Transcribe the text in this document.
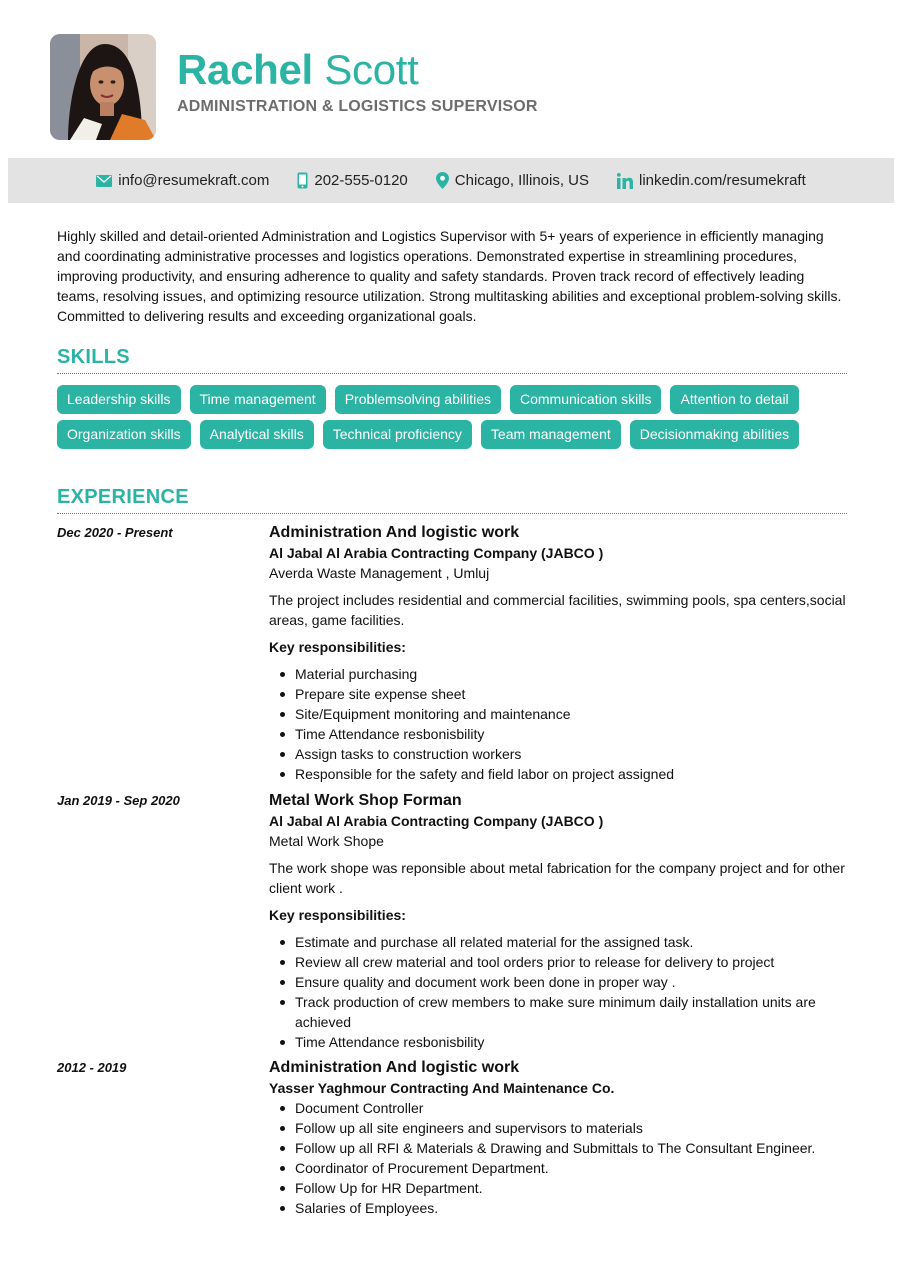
Rachel Scott
ADMINISTRATION & LOGISTICS SUPERVISOR
info@resumekraft.com	202-555-0120	Chicago, Illinois, US	linkedin.com/resumekraft

Highly skilled and detail-oriented Administration and Logistics Supervisor with 5+ years of experience in efficiently managing and coordinating administrative processes and logistics operations. Demonstrated expertise in streamlining procedures, improving productivity, and ensuring adherence to quality and safety standards. Proven track record of effectively leading teams, resolving issues, and optimizing resource utilization. Strong multitasking abilities and exceptional problem-solving skills. Committed to delivering results and exceeding organizational goals.

SKILLS
Leadership skills	Time management	Problemsolving abilities	Communication skills	Attention to detail
Organization skills	Analytical skills	Technical proficiency	Team management	Decisionmaking abilities
EXPERIENCE
Dec 2020 - Present	Administration And logistic work
Al Jabal Al Arabia Contracting Company (JABCO )
Averda Waste Management , Umluj
The project includes residential and commercial facilities, swimming pools, spa centers,social areas, game facilities.
Key responsibilities:
Material purchasing
Prepare site expense sheet
Site/Equipment monitoring and maintenance
Time Attendance resbonisbility
Assign tasks to construction workers
Responsible for the safety and field labor on project assigned
Jan 2019 - Sep 2020	Metal Work Shop Forman
Al Jabal Al Arabia Contracting Company (JABCO )
Metal Work Shope
The work shope was reponsible about metal fabrication for the company project and for other client work .
Key responsibilities:
Estimate and purchase all related material for the assigned task.
Review all crew material and tool orders prior to release for delivery to project
Ensure quality and document work been done in proper way .
Track production of crew members to make sure minimum daily installation units are achieved
Time Attendance resbonisbility
2012 - 2019	Administration And logistic work
Yasser Yaghmour Contracting And Maintenance Co.
Document Controller
Follow up all site engineers and supervisors to materials
Follow up all RFI & Materials & Drawing and Submittals to The Consultant Engineer.
Coordinator of Procurement Department.
Follow Up for HR Department.
Salaries of Employees.
